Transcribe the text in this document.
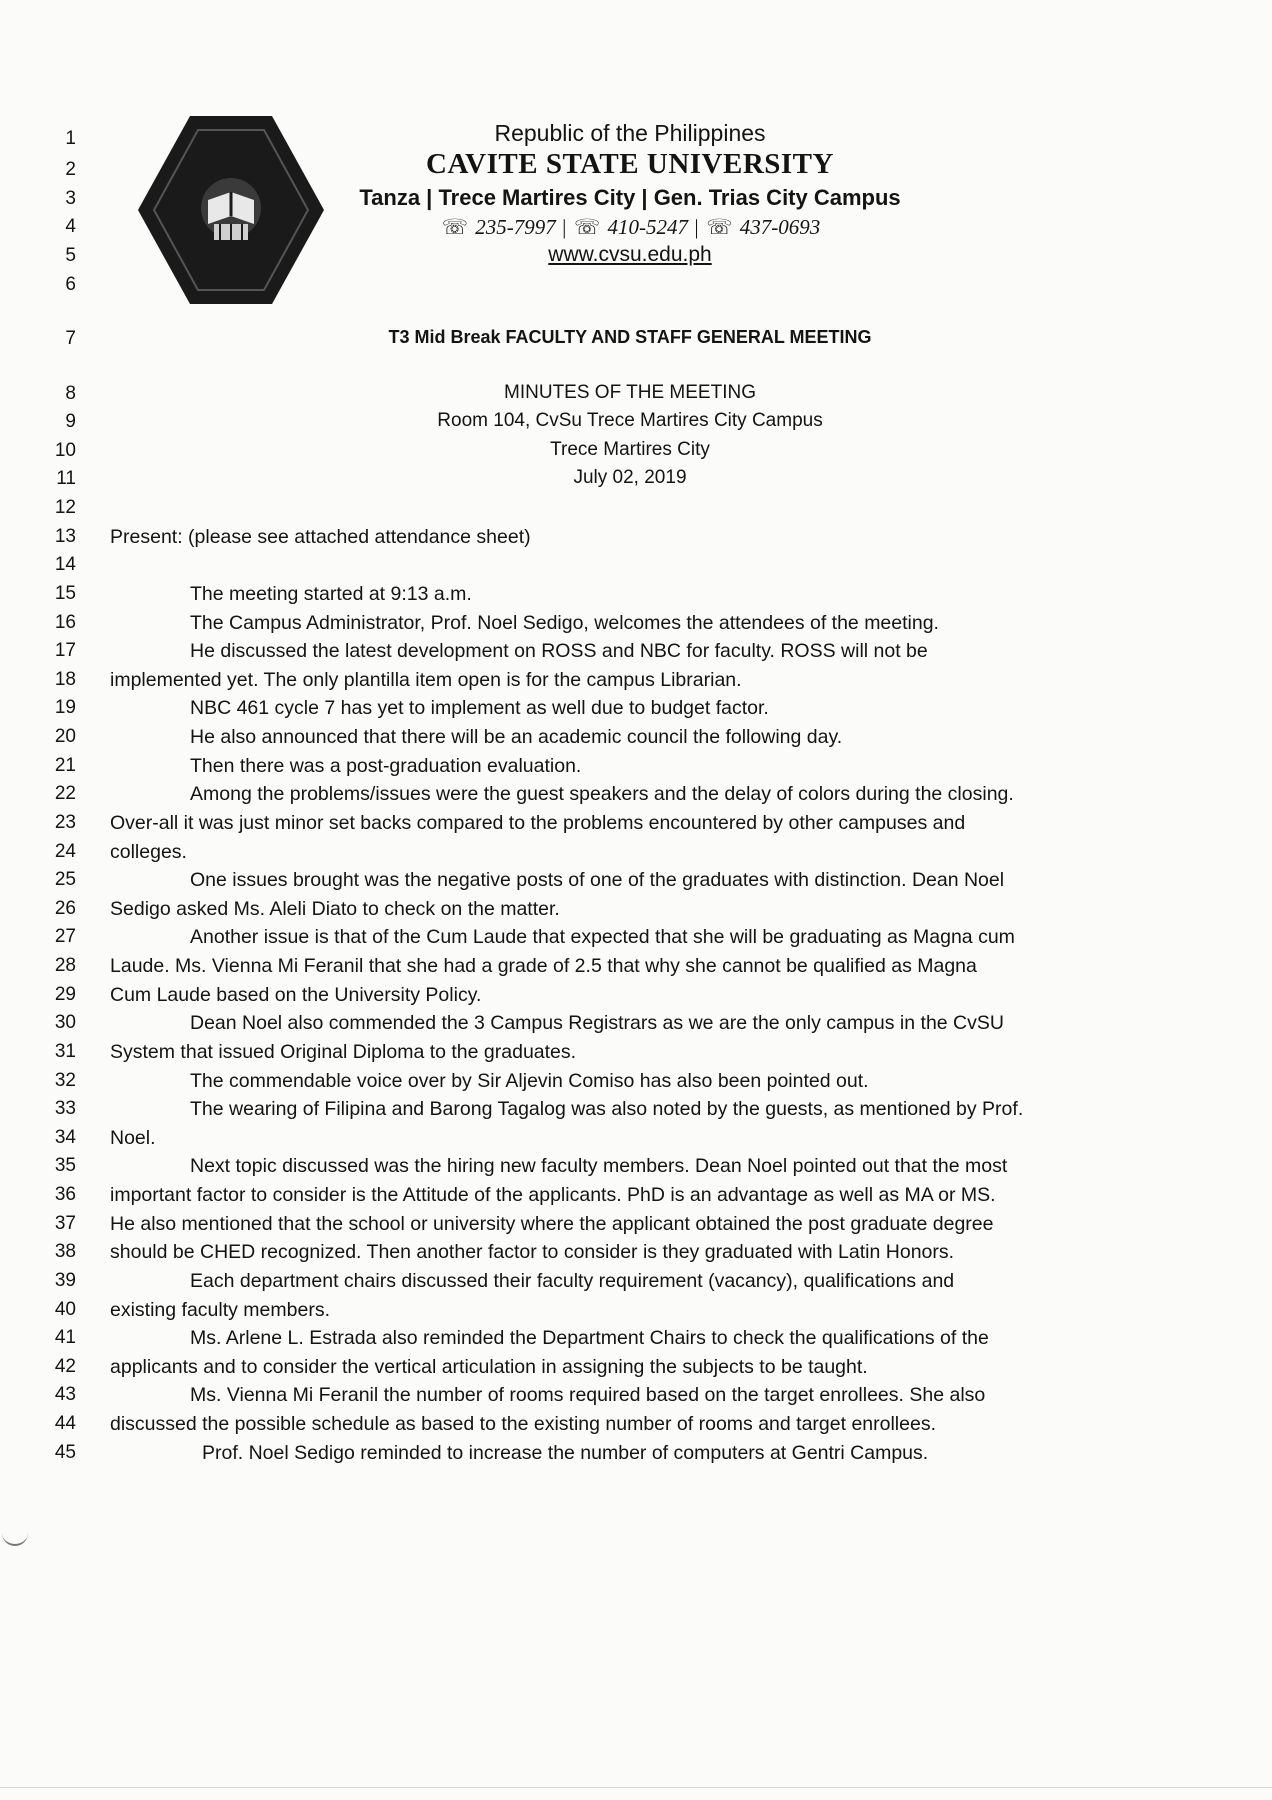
1
2
3
4
5
6
7
8
9
10
11
12
13
14
15
16
17
18
19
20
21
22
23
24
25
26
27
28
29
30
31
32
33
34
35
36
37
38
39
40
41
42
43
44
45
Republic of the Philippines
CAVITE STATE UNIVERSITY
Tanza | Trece Martires City | Gen. Trias City Campus
☏ 235-7997 | ☏ 410-5247 | ☏ 437-0693
www.cvsu.edu.ph
T3 Mid Break FACULTY AND STAFF GENERAL MEETING
MINUTES OF THE MEETING
Room 104, CvSu Trece Martires City Campus
Trece Martires City
July 02, 2019
Present: (please see attached attendance sheet)
The meeting started at 9:13 a.m.
The Campus Administrator, Prof. Noel Sedigo, welcomes the attendees of the meeting.
He discussed the latest development on ROSS and NBC for faculty. ROSS will not be
implemented yet. The only plantilla item open is for the campus Librarian.
NBC 461 cycle 7 has yet to implement as well due to budget factor.
He also announced that there will be an academic council the following day.
Then there was a post-graduation evaluation.
Among the problems/issues were the guest speakers and the delay of colors during the closing.
Over-all it was just minor set backs compared to the problems encountered by other campuses and
colleges.
One issues brought was the negative posts of one of the graduates with distinction. Dean Noel
Sedigo asked Ms. Aleli Diato to check on the matter.
Another issue is that of the Cum Laude that expected that she will be graduating as Magna cum
Laude. Ms. Vienna Mi Feranil that she had a grade of 2.5 that why she cannot be qualified as Magna
Cum Laude based on the University Policy.
Dean Noel also commended the 3 Campus Registrars as we are the only campus in the CvSU
System that issued Original Diploma to the graduates.
The commendable voice over by Sir Aljevin Comiso has also been pointed out.
The wearing of Filipina and Barong Tagalog was also noted by the guests, as mentioned by Prof.
Noel.
Next topic discussed was the hiring new faculty members. Dean Noel pointed out that the most
important factor to consider is the Attitude of the applicants. PhD is an advantage as well as MA or MS.
He also mentioned that the school or university where the applicant obtained the post graduate degree
should be CHED recognized. Then another factor to consider is they graduated with Latin Honors.
Each department chairs discussed their faculty requirement (vacancy), qualifications and
existing faculty members.
Ms. Arlene L. Estrada also reminded the Department Chairs to check the qualifications of the
applicants and to consider the vertical articulation in assigning the subjects to be taught.
Ms. Vienna Mi Feranil the number of rooms required based on the target enrollees. She also
discussed the possible schedule as based to the existing number of rooms and target enrollees.
Prof. Noel Sedigo reminded to increase the number of computers at Gentri Campus.
